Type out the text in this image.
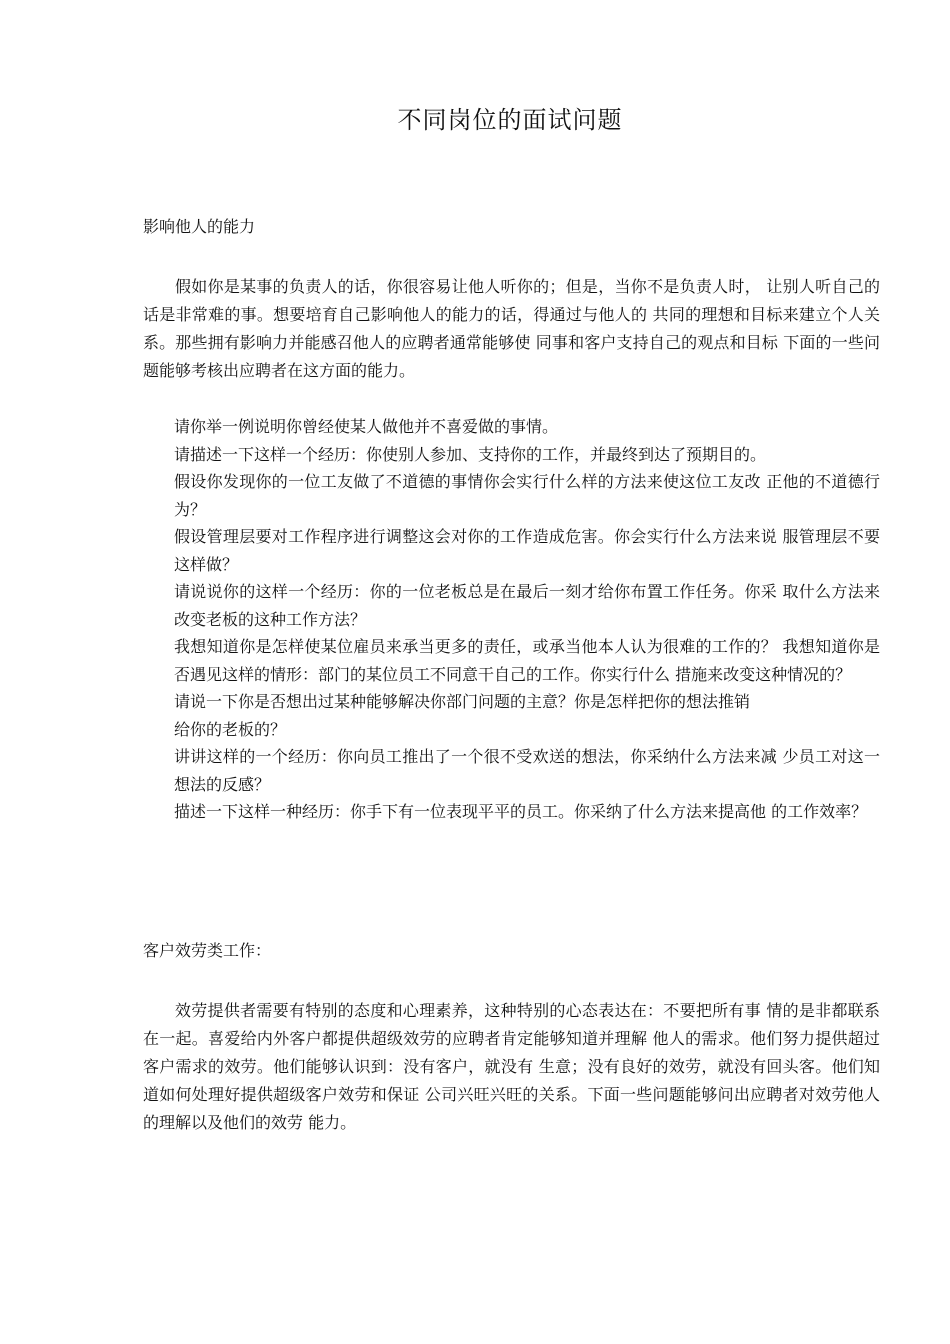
不同岗位的面试问题
影响他人的能力

假如你是某事的负责人的话，你很容易让他人听你的；但是，当你不是负责人时， 让别人听自己的话是非常难的事。想要培育自己影响他人的能力的话，得通过与他人的 共同的理想和目标来建立个人关系。那些拥有影响力并能感召他人的应聘者通常能够使 同事和客户支持自己的观点和目标 下面的一些问题能够考核出应聘者在这方面的能力。

请你举一例说明你曾经使某人做他并不喜爱做的事情。
请描述一下这样一个经历：你使别人参加、支持你的工作，并最终到达了预期目的。
假设你发现你的一位工友做了不道德的事情你会实行什么样的方法来使这位工友改 正他的不道德行为？
假设管理层要对工作程序进行调整这会对你的工作造成危害。你会实行什么方法来说 服管理层不要这样做？
请说说你的这样一个经历：你的一位老板总是在最后一刻才给你布置工作任务。你采 取什么方法来改变老板的这种工作方法？
我想知道你是怎样使某位雇员来承当更多的责任，或承当他本人认为很难的工作的？ 我想知道你是否遇见这样的情形：部门的某位员工不同意干自己的工作。你实行什么 措施来改变这种情况的？
请说一下你是否想出过某种能够解决你部门问题的主意？你是怎样把你的想法推销
给你的老板的？
讲讲这样的一个经历：你向员工推出了一个很不受欢送的想法，你采纳什么方法来减 少员工对这一想法的反感？
描述一下这样一种经历：你手下有一位表现平平的员工。你采纳了什么方法来提高他 的工作效率？
客户效劳类工作：

效劳提供者需要有特别的态度和心理素养，这种特别的心态表达在：不要把所有事 情的是非都联系在一起。喜爱给内外客户都提供超级效劳的应聘者肯定能够知道并理解 他人的需求。他们努力提供超过客户需求的效劳。他们能够认识到：没有客户，就没有 生意；没有良好的效劳，就没有回头客。他们知道如何处理好提供超级客户效劳和保证 公司兴旺兴旺的关系。下面一些问题能够问出应聘者对效劳他人的理解以及他们的效劳 能力。
